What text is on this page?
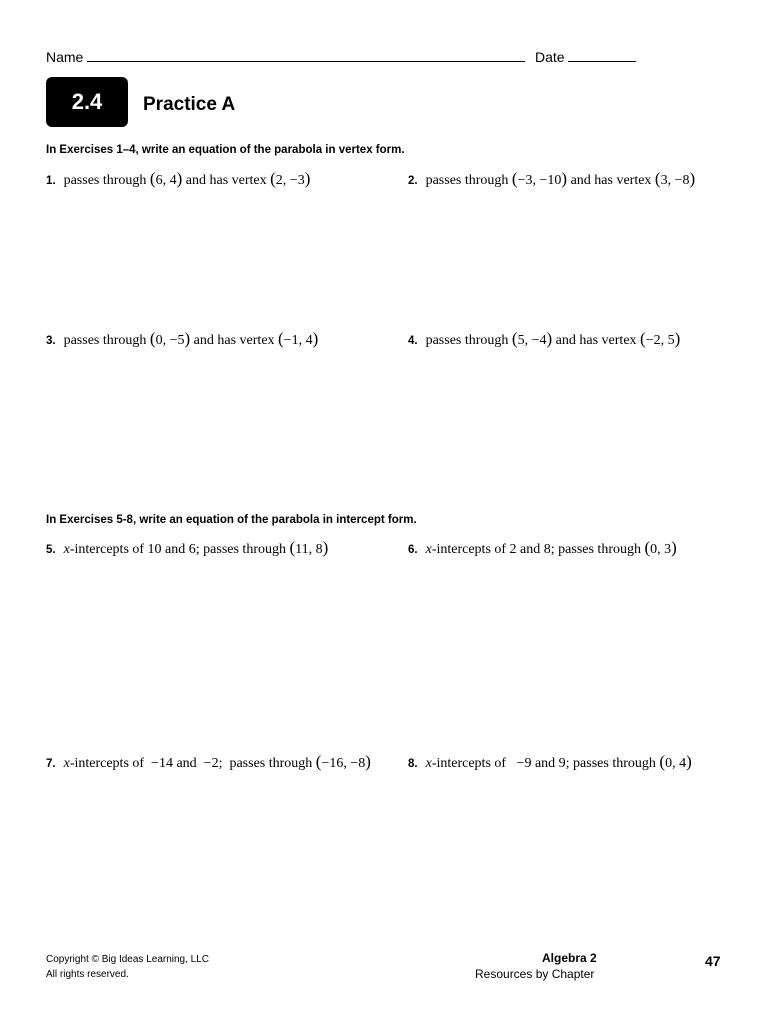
Name	Date
2.4	Practice A
In Exercises 1–4, write an equation of the parabola in vertex form.
1. passes through (6, 4) and has vertex (2, −3)	2. passes through (−3, −10) and has vertex (3, −8)
3. passes through (0, −5) and has vertex (−1, 4)	4. passes through (5, −4) and has vertex (−2, 5)
In Exercises 5-8, write an equation of the parabola in intercept form.
5. x-intercepts of 10 and 6; passes through (11, 8)	6. x-intercepts of 2 and 8; passes through (0, 3)
7. x-intercepts of  −14 and  −2;  passes through (−16, −8)	8. x-intercepts of   −9 and 9; passes through (0, 4)
Copyright © Big Ideas Learning, LLC
All rights reserved.
Algebra 2
Resources by Chapter
47
